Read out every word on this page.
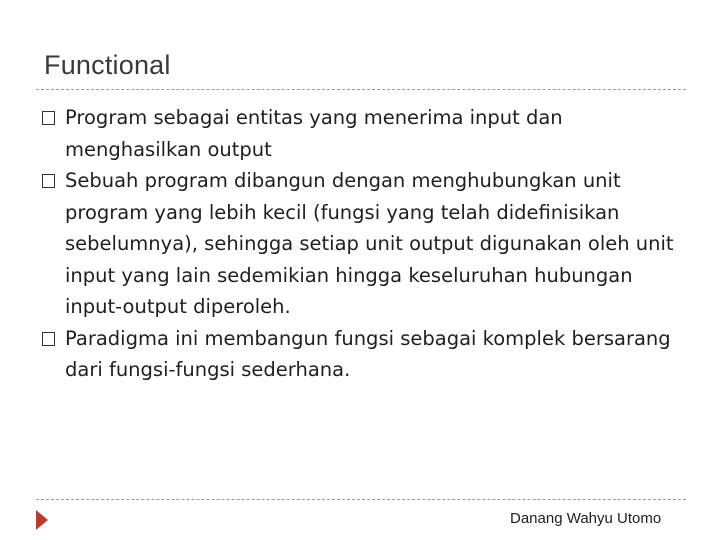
Functional
Program sebagai entitas yang menerima input dan menghasilkan output
Sebuah program dibangun dengan menghubungkan unit program yang lebih kecil (fungsi yang telah didefinisikan sebelumnya), sehingga setiap unit output digunakan oleh unit input yang lain sedemikian hingga keseluruhan hubungan input-output diperoleh.
Paradigma ini membangun fungsi sebagai komplek bersarang dari fungsi-fungsi sederhana.
Danang Wahyu Utomo
